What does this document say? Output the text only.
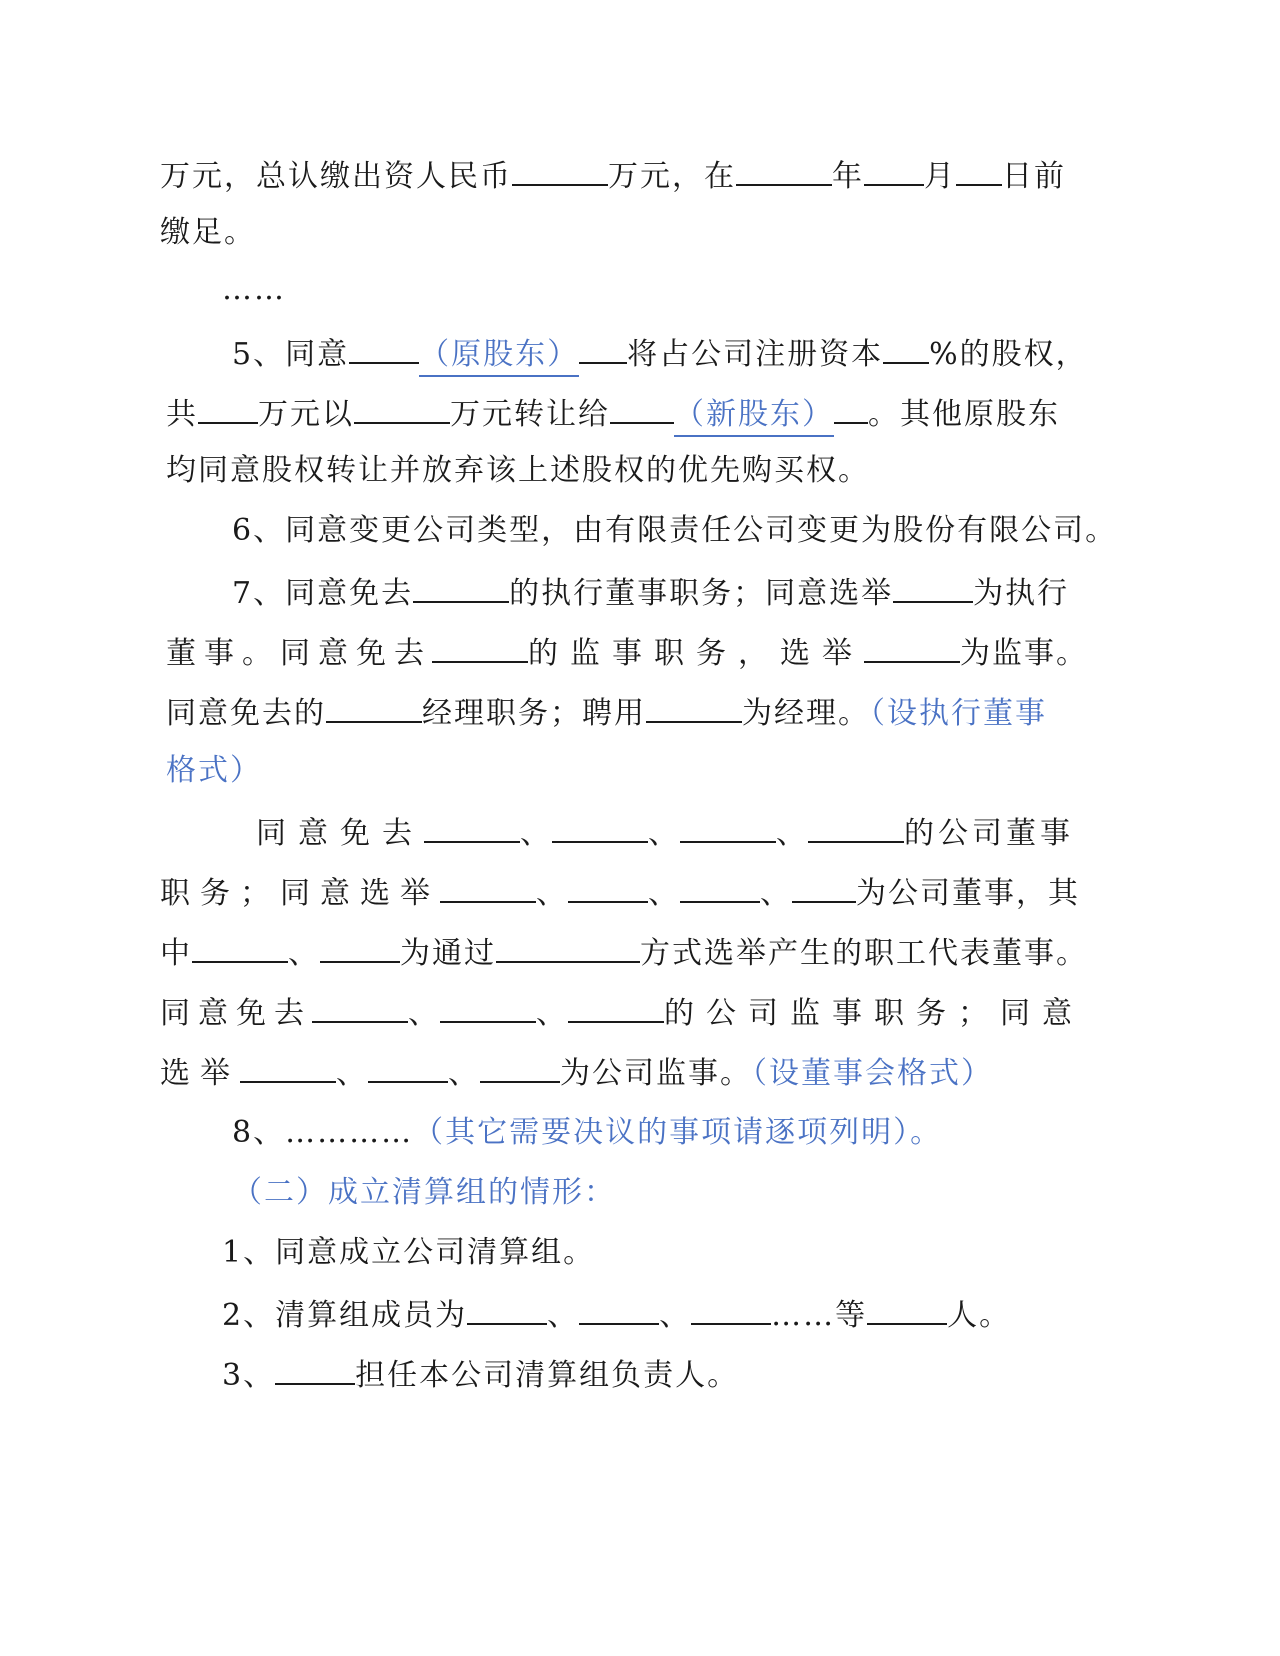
万元，总认缴出资人民币	万元，在	年 月 日前
缴足。
……
5、同意 （原股东） 将占公司注册资本 %的股权，
共 万元以	万元转让给 （新股东） 。其他原股东
均同意股权转让并放弃该上述股权的优先购买权。
6、同意变更公司类型，由有限责任公司变更为股份有限公司。
7、同意免去	的执行董事职务；同意选举	为执行
董事。同意免去	的监事职务，选举	为监事。
同意免去的	经理职务；聘用	为经理。（设执行董事
格式）
同意免去	、	、	、	的公司董事
职务；同意选举	、	、	、 为公司董事，其
中	、	为通过	方式选举产生的职工代表董事。
同意免去	、	、	的公司监事职务；同意
选举	、	、	为公司监事。（设董事会格式）
8、…………（其它需要决议的事项请逐项列明）。
（二）成立清算组的情形：
1、同意成立公司清算组。
2、清算组成员为	、	、	……等	人。
3、	担任本公司清算组负责人。
